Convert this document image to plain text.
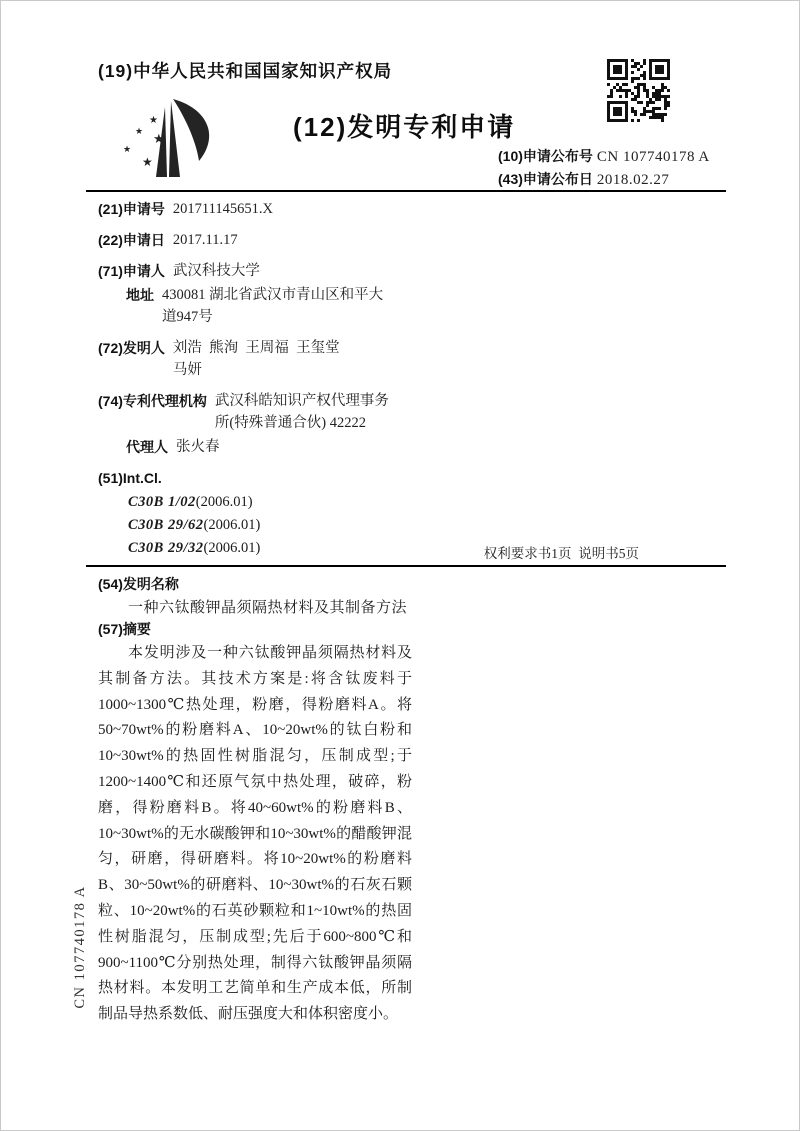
(19)中华人民共和国国家知识产权局
★
★ ★
★
★
(12)发明专利申请
(10)申请公布号 CN 107740178 A
(43)申请公布日 2018.02.27
(21)申请号 201711145651.X
(22)申请日 2017.11.17
(71)申请人 武汉科技大学
地址 430081 湖北省武汉市青山区和平大
道947号
(72)发明人 刘浩  熊洵  王周福  王玺堂
马妍
(74)专利代理机构 武汉科皓知识产权代理事务
所(特殊普通合伙) 42222
代理人 张火春
(51)Int.Cl.
C30B 1/02(2006.01)
C30B 29/62(2006.01)
C30B 29/32(2006.01)	权利要求书1页  说明书5页
(54)发明名称
一种六钛酸钾晶须隔热材料及其制备方法
(57)摘要
本发明涉及一种六钛酸钾晶须隔热材料及其制备方法。其技术方案是:将含钛废料于1000~1300℃热处理，粉磨，得粉磨料A。将50~70wt%的粉磨料A、10~20wt%的钛白粉和10~30wt%的热固性树脂混匀，压制成型;于1200~1400℃和还原气氛中热处理，破碎，粉磨，得粉磨料B。将40~60wt%的粉磨料B、10~30wt%的无水碳酸钾和10~30wt%的醋酸钾混匀，研磨，得研磨料。将10~20wt%的粉磨料B、30~50wt%的研磨料、10~30wt%的石灰石颗粒、10~20wt%的石英砂颗粒和1~10wt%的热固性树脂混匀，压制成型;先后于600~800℃和900~1100℃分别热处理，制得六钛酸钾晶须隔热材料。本发明工艺简单和生产成本低，所制制品导热系数低、耐压强度大和体积密度小。
CN 107740178 A
